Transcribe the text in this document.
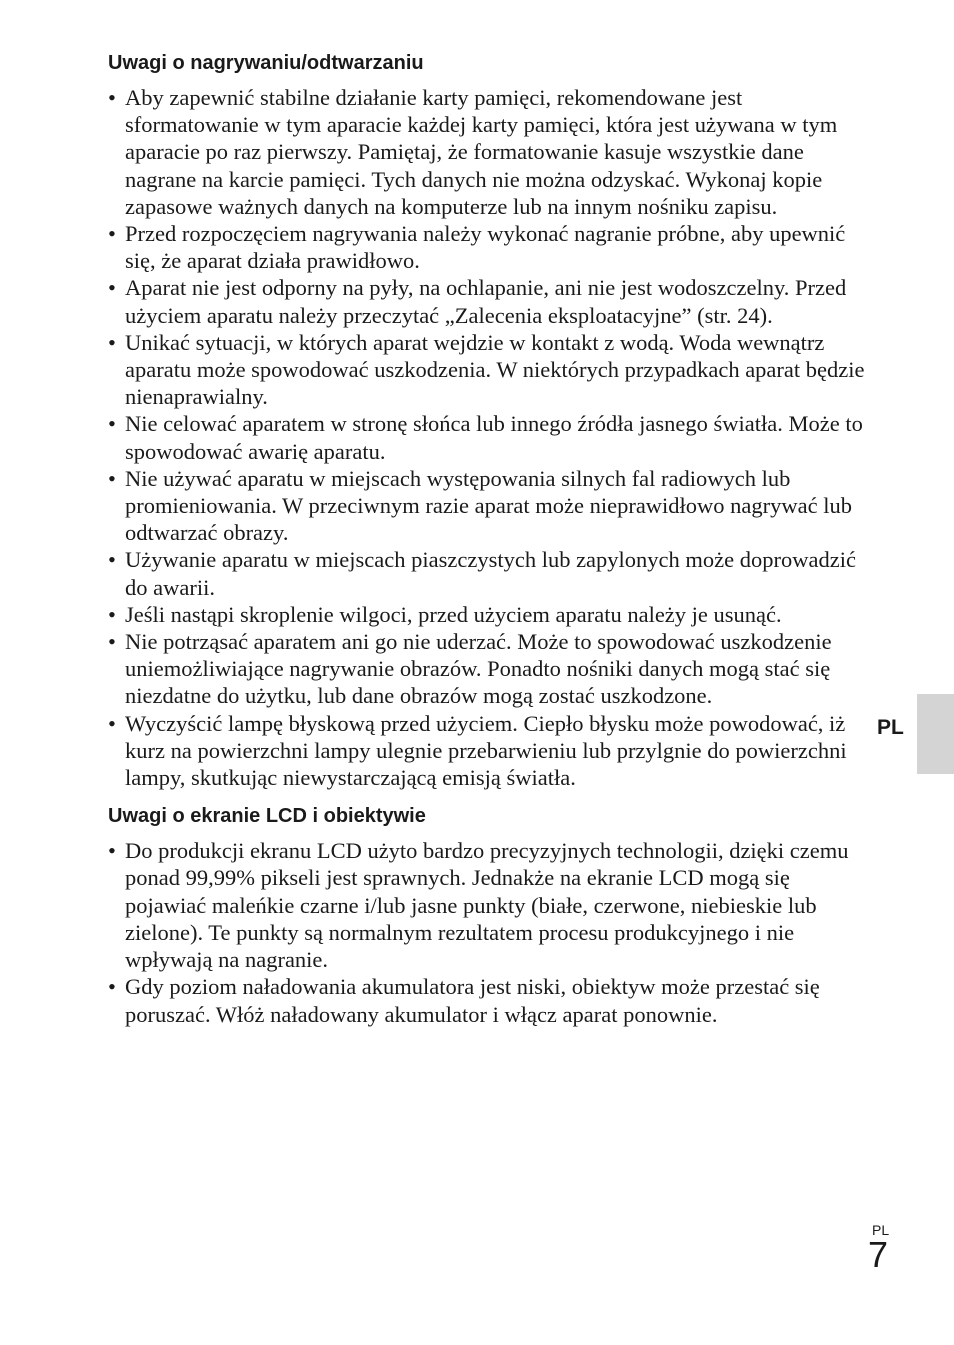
Uwagi o nagrywaniu/odtwarzaniu
• Aby zapewnić stabilne działanie karty pamięci, rekomendowane jest sformatowanie w tym aparacie każdej karty pamięci, która jest używana w tym aparacie po raz pierwszy. Pamiętaj, że formatowanie kasuje wszystkie dane nagrane na karcie pamięci. Tych danych nie można odzyskać. Wykonaj kopie zapasowe ważnych danych na komputerze lub na innym nośniku zapisu.
• Przed rozpoczęciem nagrywania należy wykonać nagranie próbne, aby upewnić się, że aparat działa prawidłowo.
• Aparat nie jest odporny na pyły, na ochlapanie, ani nie jest wodoszczelny. Przed użyciem aparatu należy przeczytać „Zalecenia eksploatacyjne” (str. 24).
• Unikać sytuacji, w których aparat wejdzie w kontakt z wodą. Woda wewnątrz aparatu może spowodować uszkodzenia. W niektórych przypadkach aparat będzie nienaprawialny.
• Nie celować aparatem w stronę słońca lub innego źródła jasnego światła. Może to spowodować awarię aparatu.
• Nie używać aparatu w miejscach występowania silnych fal radiowych lub promieniowania. W przeciwnym razie aparat może nieprawidłowo nagrywać lub odtwarzać obrazy.
• Używanie aparatu w miejscach piaszczystych lub zapylonych może doprowadzić do awarii.
• Jeśli nastąpi skroplenie wilgoci, przed użyciem aparatu należy je usunąć.
• Nie potrząsać aparatem ani go nie uderzać. Może to spowodować uszkodzenie uniemożliwiające nagrywanie obrazów. Ponadto nośniki danych mogą stać się niezdatne do użytku, lub dane obrazów mogą zostać uszkodzone.
• Wyczyścić lampę błyskową przed użyciem. Ciepło błysku może powodować, iż kurz na powierzchni lampy ulegnie przebarwieniu lub przylgnie do powierzchni lampy, skutkując niewystarczającą emisją światła.
Uwagi o ekranie LCD i obiektywie
• Do produkcji ekranu LCD użyto bardzo precyzyjnych technologii, dzięki czemu ponad 99,99% pikseli jest sprawnych. Jednakże na ekranie LCD mogą się pojawiać maleńkie czarne i/lub jasne punkty (białe, czerwone, niebieskie lub zielone). Te punkty są normalnym rezultatem procesu produkcyjnego i nie wpływają na nagranie.
• Gdy poziom naładowania akumulatora jest niski, obiektyw może przestać się poruszać. Włóż naładowany akumulator i włącz aparat ponownie.
PL
PL
7
